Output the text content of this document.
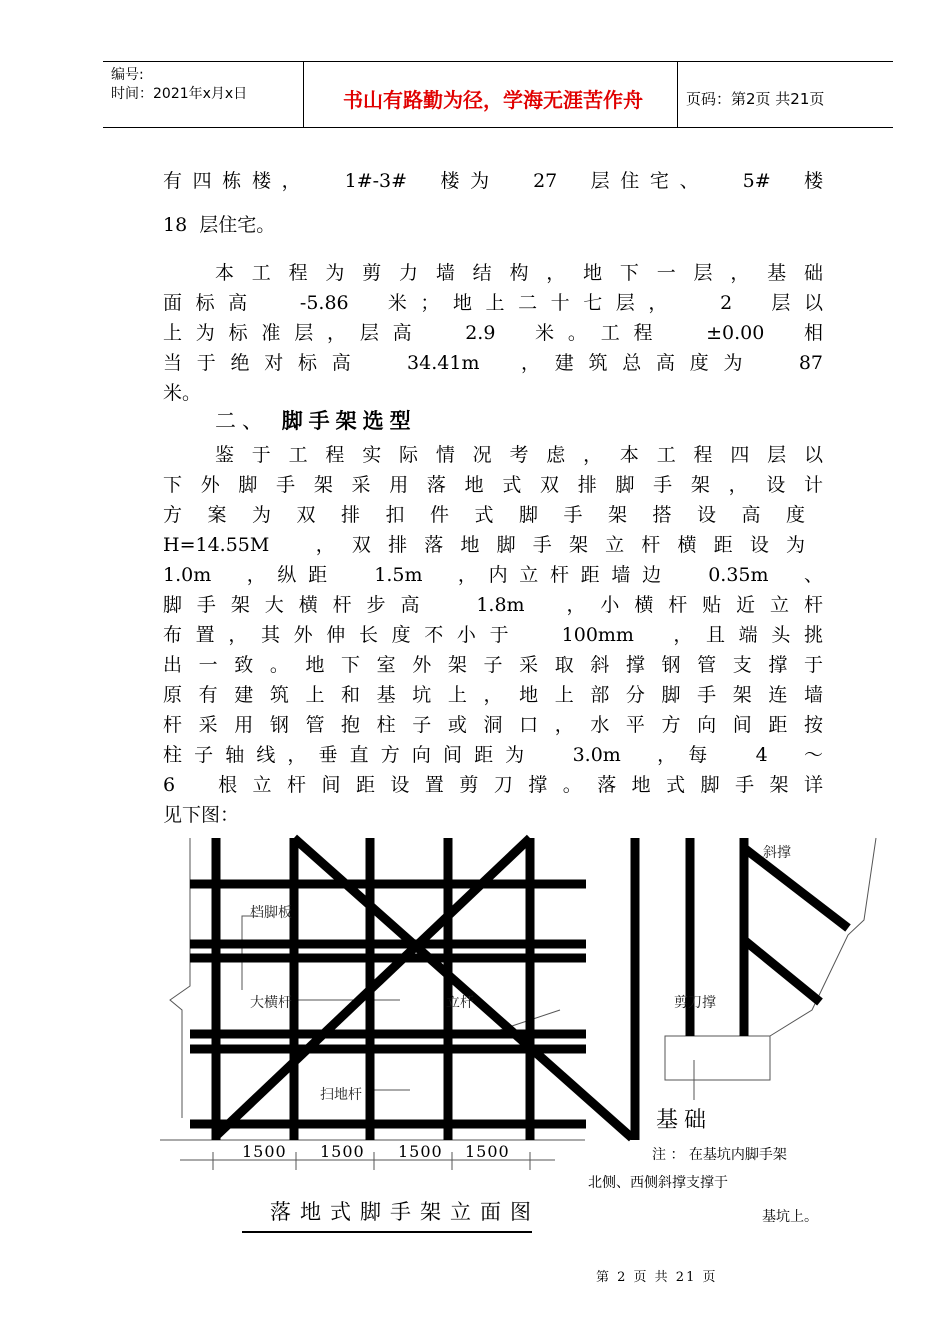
编号:
时间：2021年x月x日	书山有路勤为径，学海无涯苦作舟	页码：第2页 共21页
有四栋楼，  1#-3#  楼为  27  层住宅、  5#  楼
18  层住宅。
本工程为剪力墙结构，地下一层，基础
面标高  -5.86  米；地上二十七层，  2  层以
上为标准层，层高  2.9  米。工程  ±0.00  相
当于绝对标高  34.41m  ，建筑总高度为  87
米。
二、 脚手架选型
鉴于工程实际情况考虑，本工程四层以
下外脚手架采用落地式双排脚手架，设计
方案为双排扣件式脚手架搭设高度
H=14.55M  ，双排落地脚手架立杆横距设为
1.0m  ，纵距  1.5m  ，内立杆距墙边  0.35m  、
脚手架大横杆步高  1.8m  ，小横杆贴近立杆
布置，其外伸长度不小于  100mm  ，且端头挑
出一致。地下室外架子采取斜撑钢管支撑于
原有建筑上和基坑上，地上部分脚手架连墙
杆采用钢管抱柱子或洞口，水平方向间距按
柱子轴线，垂直方向间距为  3.0m  ，每  4  ～
6  根立杆间距设置剪刀撑。落地式脚手架详
见下图：
档脚板
大横杆	立杆
扫地杆
斜撑
剪刀撑
基础
1500 1500 1500 1500
落地式脚手架立面图
注 ： 在基坑内脚手架
北侧、西侧斜撑支撑于
基坑上。
第 2 页 共 21 页
